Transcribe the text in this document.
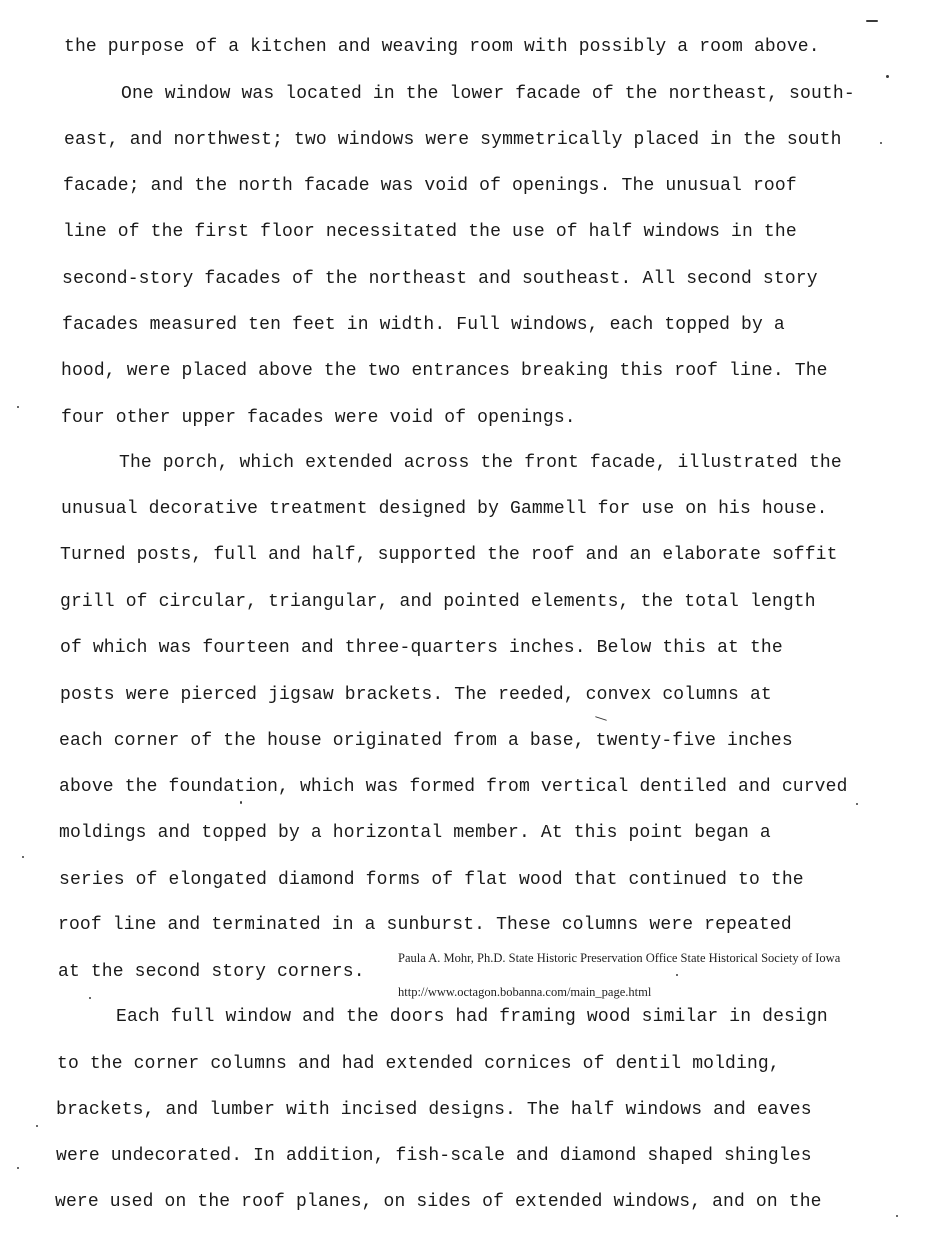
the purpose of a kitchen and weaving room with possibly a room above.
One window was located in the lower facade of the northeast, south-
east, and northwest; two windows were symmetrically placed in the south
facade; and the north facade was void of openings. The unusual roof
line of the first floor necessitated the use of half windows in the
second-story facades of the northeast and southeast. All second story
facades measured ten feet in width. Full windows, each topped by a
hood, were placed above the two entrances breaking this roof line. The
four other upper facades were void of openings.
The porch, which extended across the front facade, illustrated the
unusual decorative treatment designed by Gammell for use on his house.
Turned posts, full and half, supported the roof and an elaborate soffit
grill of circular, triangular, and pointed elements, the total length
of which was fourteen and three-quarters inches. Below this at the
posts were pierced jigsaw brackets. The reeded, convex columns at
each corner of the house originated from a base, twenty-five inches
above the foundation, which was formed from vertical dentiled and curved
moldings and topped by a horizontal member. At this point began a
series of elongated diamond forms of flat wood that continued to the
roof line and terminated in a sunburst. These columns were repeated
at the second story corners.
Paula A. Mohr, Ph.D. State Historic Preservation Office State Historical Society of Iowa
http://www.octagon.bobanna.com/main_page.html
Each full window and the doors had framing wood similar in design
to the corner columns and had extended cornices of dentil molding,
brackets, and lumber with incised designs. The half windows and eaves
were undecorated. In addition, fish-scale and diamond shaped shingles
were used on the roof planes, on sides of extended windows, and on the
